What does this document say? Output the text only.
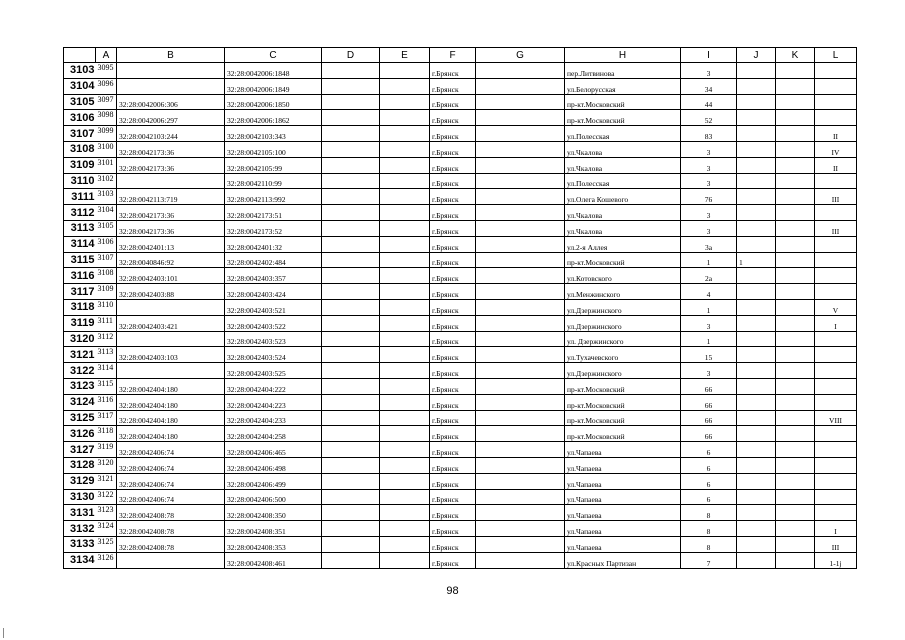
	A	B	C	D	E	F	G	H	I	J	K	L
3103	3095		32:28:0042006:1848			г.Брянск		пер.Литвинова	3			
3104	3096		32:28:0042006:1849			г.Брянск		ул.Белорусская	34			
3105	3097	32:28:0042006:306	32:28:0042006:1850			г.Брянск		пр-кт.Московский	44			
3106	3098	32:28:0042006:297	32:28:0042006:1862			г.Брянск		пр-кт.Московский	52			
3107	3099	32:28:0042103:244	32:28:0042103:343			г.Брянск		ул.Полесская	83			II
3108	3100	32:28:0042173:36	32:28:0042105:100			г.Брянск		ул.Чкалова	3			IV
3109	3101	32:28:0042173:36	32:28:0042105:99			г.Брянск		ул.Чкалова	3			II
3110	3102		32:28:0042110:99			г.Брянск		ул.Полесская	3			
3111	3103	32:28:0042113:719	32:28:0042113:992			г.Брянск		ул.Олега Кошевого	76			III
3112	3104	32:28:0042173:36	32:28:0042173:51			г.Брянск		ул.Чкалова	3			
3113	3105	32:28:0042173:36	32:28:0042173:52			г.Брянск		ул.Чкалова	3			III
3114	3106	32:28:0042401:13	32:28:0042401:32			г.Брянск		ул.2-я Аллея	3а			
3115	3107	32:28:0040846:92	32:28:0042402:484			г.Брянск		пр-кт.Московский	1	1		
3116	3108	32:28:0042403:101	32:28:0042403:357			г.Брянск		ул.Котовского	2а			
3117	3109	32:28:0042403:88	32:28:0042403:424			г.Брянск		ул.Менжинского	4			
3118	3110		32:28:0042403:521			г.Брянск		ул.Дзержинского	1			V
3119	3111	32:28:0042403:421	32:28:0042403:522			г.Брянск		ул.Дзержинского	3			I
3120	3112		32:28:0042403:523			г.Брянск		ул. Дзержинского	1			
3121	3113	32:28:0042403:103	32:28:0042403:524			г.Брянск		ул.Тухачевского	15			
3122	3114		32:28:0042403:525			г.Брянск		ул.Дзержинского	3			
3123	3115	32:28:0042404:180	32:28:0042404:222			г.Брянск		пр-кт.Московский	66			
3124	3116	32:28:0042404:180	32:28:0042404:223			г.Брянск		пр-кт.Московский	66			
3125	3117	32:28:0042404:180	32:28:0042404:233			г.Брянск		пр-кт.Московский	66			VIII
3126	3118	32:28:0042404:180	32:28:0042404:258			г.Брянск		пр-кт.Московский	66			
3127	3119	32:28:0042406:74	32:28:0042406:465			г.Брянск		ул.Чапаева	6			
3128	3120	32:28:0042406:74	32:28:0042406:498			г.Брянск		ул.Чапаева	6			
3129	3121	32:28:0042406:74	32:28:0042406:499			г.Брянск		ул.Чапаева	6			
3130	3122	32:28:0042406:74	32:28:0042406:500			г.Брянск		ул.Чапаева	6			
3131	3123	32:28:0042408:78	32:28:0042408:350			г.Брянск		ул.Чапаева	8			
3132	3124	32:28:0042408:78	32:28:0042408:351			г.Брянск		ул.Чапаева	8			I
3133	3125	32:28:0042408:78	32:28:0042408:353			г.Брянск		ул.Чапаева	8			III
3134	3126		32:28:0042408:461			г.Брянск		ул.Красных Партизан	7			1-1j
98
